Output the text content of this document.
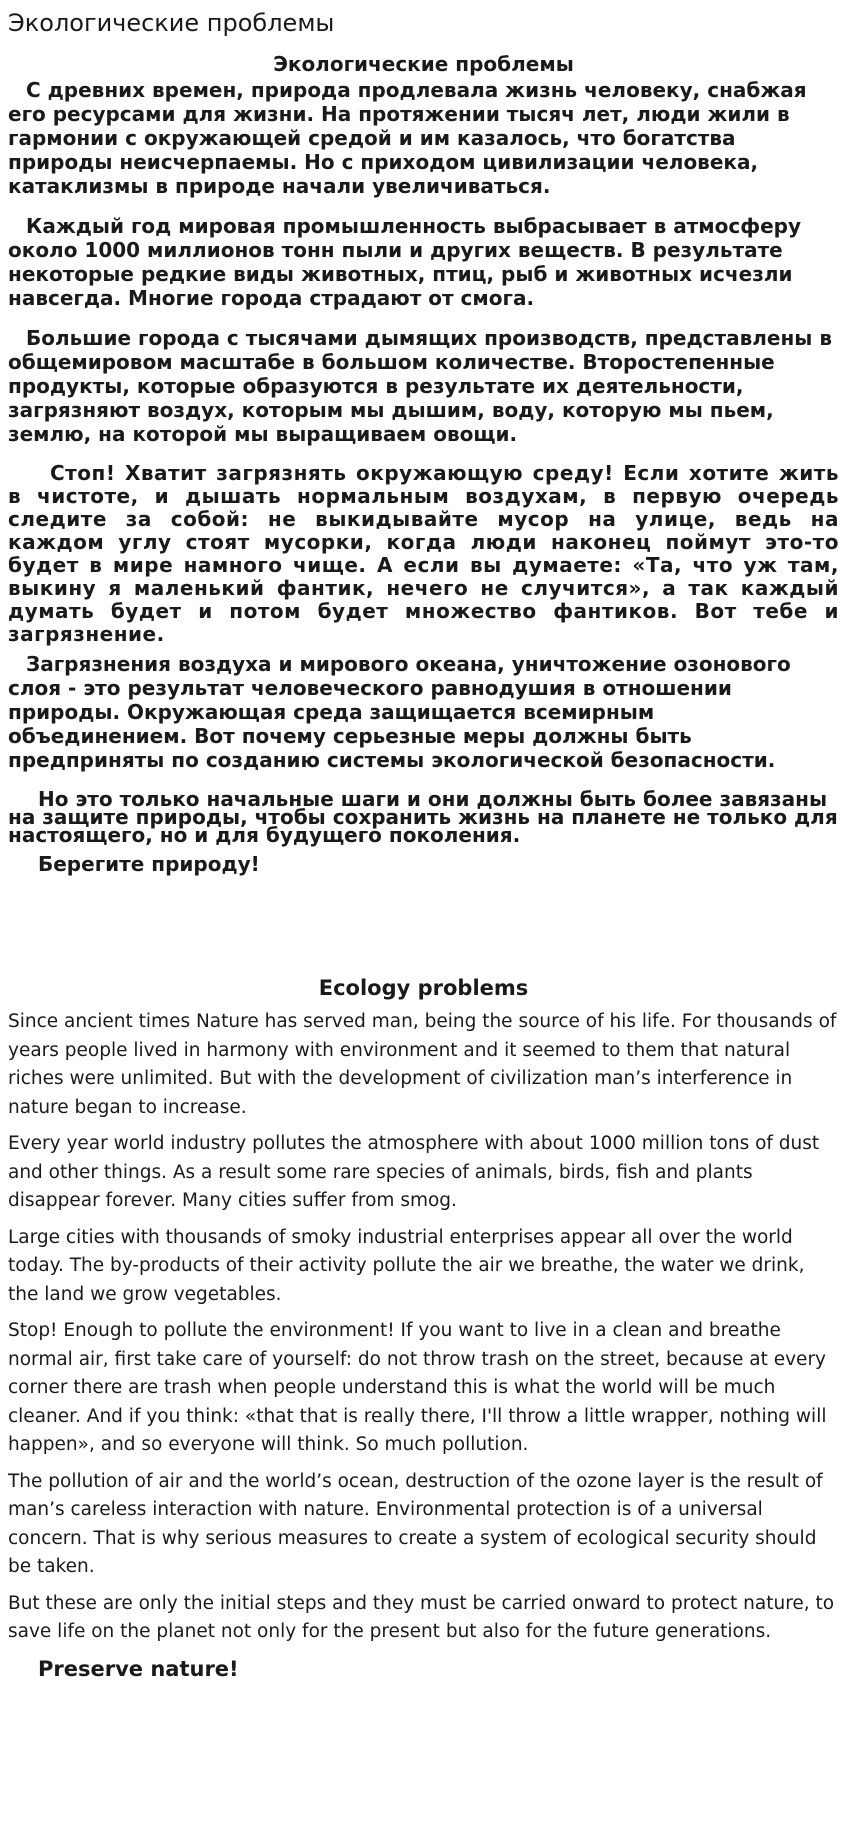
Экологические проблемы
Экологические проблемы

С древних времен, природа продлевала жизнь человеку, снабжая его ресурсами для жизни. На протяжении тысяч лет, люди жили в гармонии с окружающей средой и им казалось, что богатства природы неисчерпаемы. Но с приходом цивилизации человека, катаклизмы в природе начали увеличиваться.

Каждый год мировая промышленность выбрасывает в атмосферу около 1000 миллионов тонн пыли и других веществ. В результате некоторые редкие виды животных, птиц, рыб и животных исчезли навсегда. Многие города страдают от смога.

Большие города с тысячами дымящих производств, представлены в общемировом масштабе в большом количестве. Второстепенные продукты, которые образуются в результате их деятельности, загрязняют воздух, которым мы дышим, воду, которую мы пьем, землю, на которой мы выращиваем овощи.

Стоп! Хватит загрязнять окружающую среду! Если хотите жить в чистоте, и дышать нормальным воздухам, в первую очередь следите за собой: не выкидывайте мусор на улице, ведь на каждом углу стоят мусорки, когда люди наконец поймут это-то будет в мире намного чище. А если вы думаете: «Та, что уж там, выкину я маленький фантик, нечего не случится», а так каждый думать будет и потом будет множество фантиков. Вот тебе и загрязнение.

Загрязнения воздуха и мирового океана, уничтожение озонового слоя - это результат человеческого равнодушия в отношении природы. Окружающая среда защищается всемирным объединением. Вот почему серьезные меры должны быть предприняты по созданию системы экологической безопасности.

Но это только начальные шаги и они должны быть более завязаны на защите природы, чтобы сохранить жизнь на планете не только для настоящего, но и для будущего поколения.

Берегите природу!

Ecology problems

Since ancient times Nature has served man, being the source of his life. For thousands of years people lived in harmony with environment and it seemed to them that natural riches were unlimited. But with the development of civilization man’s interference in nature began to increase.

Every year world industry pollutes the atmosphere with about 1000 million tons of dust and other things. As a result some rare species of animals, birds, fish and plants disappear forever. Many cities suffer from smog.

Large cities with thousands of smoky industrial enterprises appear all over the world today. The by-products of their activity pollute the air we breathe, the water we drink, the land we grow vegetables.

Stop! Enough to pollute the environment! If you want to live in a clean and breathe normal air, first take care of yourself: do not throw trash on the street, because at every corner there are trash when people understand this is what the world will be much cleaner. And if you think: «that that is really there, I'll throw a little wrapper, nothing will happen», and so everyone will think. So much pollution.

The pollution of air and the world’s ocean, destruction of the ozone layer is the result of man’s careless interaction with nature. Environmental protection is of a universal concern. That is why serious measures to create a system of ecological security should be taken.

But these are only the initial steps and they must be carried onward to protect nature, to save life on the planet not only for the present but also for the future generations.

Preserve nature!
